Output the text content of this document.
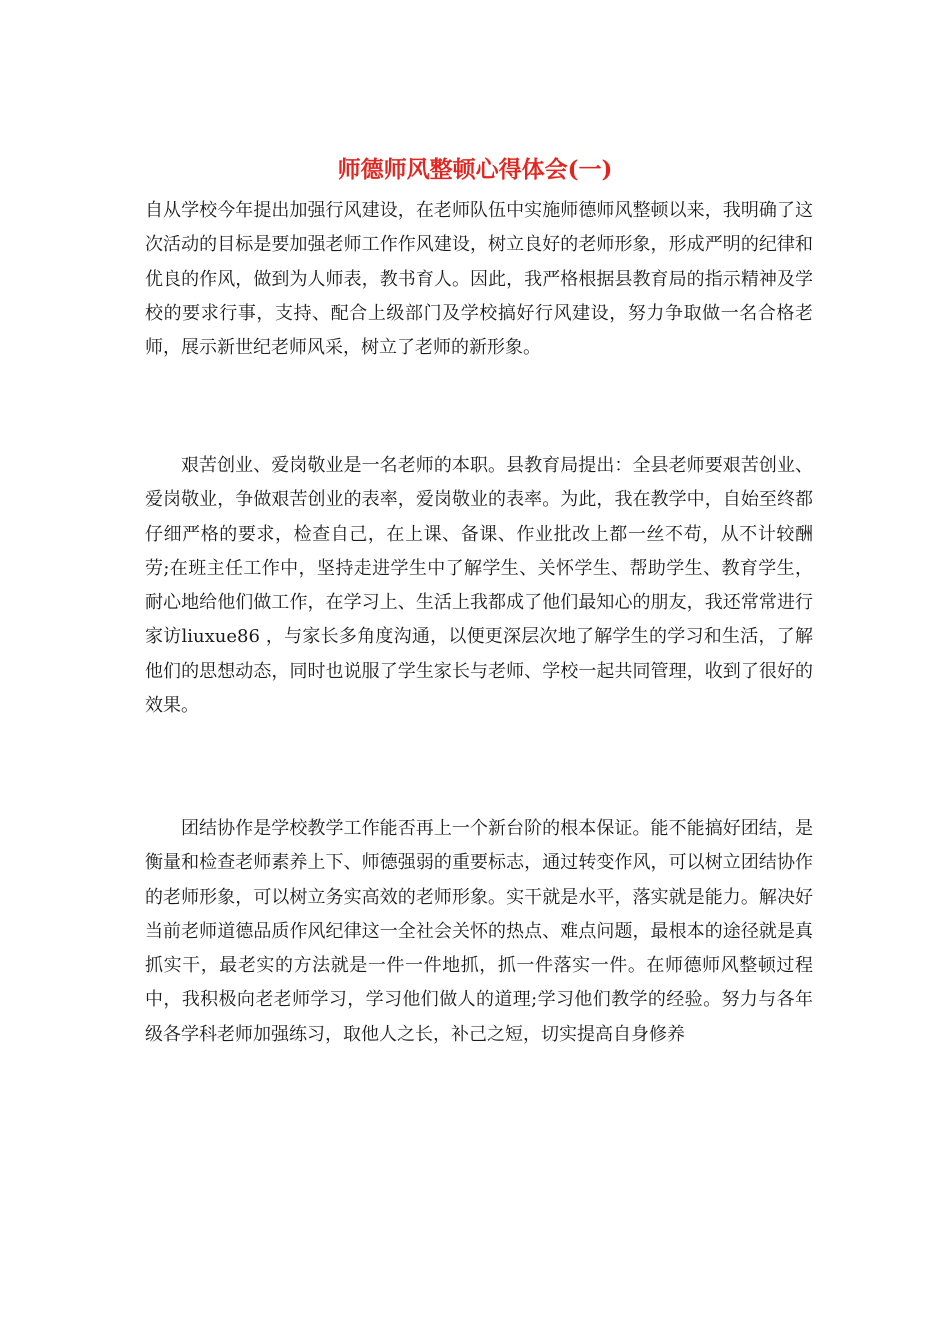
师德师风整顿心得体会(一)

自从学校今年提出加强行风建设，在老师队伍中实施师德师风整顿以来，我明确了这次活动的目标是要加强老师工作作风建设，树立良好的老师形象，形成严明的纪律和优良的作风，做到为人师表，教书育人。因此，我严格根据县教育局的指示精神及学校的要求行事，支持、配合上级部门及学校搞好行风建设，努力争取做一名合格老师，展示新世纪老师风采，树立了老师的新形象。

艰苦创业、爱岗敬业是一名老师的本职。县教育局提出：全县老师要艰苦创业、爱岗敬业，争做艰苦创业的表率，爱岗敬业的表率。为此，我在教学中，自始至终都仔细严格的要求，检查自己，在上课、备课、作业批改上都一丝不苟，从不计较酬劳;在班主任工作中，坚持走进学生中了解学生、关怀学生、帮助学生、教育学生，耐心地给他们做工作，在学习上、生活上我都成了他们最知心的朋友，我还常常进行家访liuxue86 ，与家长多角度沟通，以便更深层次地了解学生的学习和生活，了解他们的思想动态，同时也说服了学生家长与老师、学校一起共同管理，收到了很好的效果。

团结协作是学校教学工作能否再上一个新台阶的根本保证。能不能搞好团结，是衡量和检查老师素养上下、师德强弱的重要标志，通过转变作风，可以树立团结协作的老师形象，可以树立务实高效的老师形象。实干就是水平，落实就是能力。解决好当前老师道德品质作风纪律这一全社会关怀的热点、难点问题，最根本的途径就是真抓实干，最老实的方法就是一件一件地抓，抓一件落实一件。在师德师风整顿过程中，我积极向老老师学习，学习他们做人的道理;学习他们教学的经验。努力与各年级各学科老师加强练习，取他人之长，补己之短，切实提高自身修养
